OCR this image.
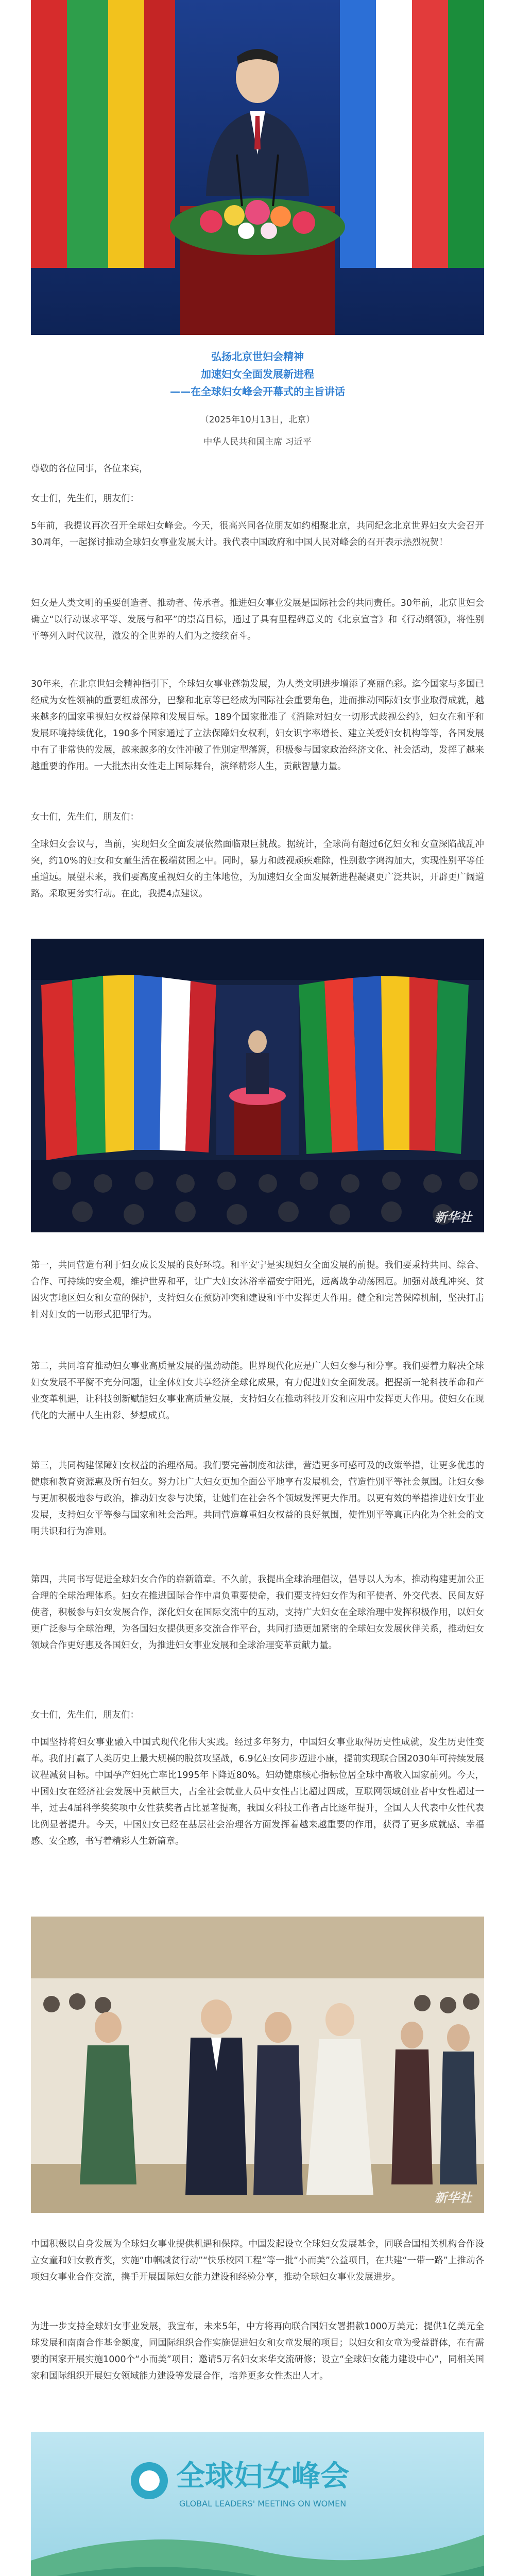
弘扬北京世妇会精神
加速妇女全面发展新进程
——在全球妇女峰会开幕式的主旨讲话
（2025年10月13日，北京）
中华人民共和国主席 习近平

尊敬的各位同事，各位来宾，

女士们，先生们，朋友们：

5年前，我提议再次召开全球妇女峰会。今天，很高兴同各位朋友如约相聚北京，共同纪念北京世界妇女大会召开30周年，一起探讨推动全球妇女事业发展大计。我代表中国政府和中国人民对峰会的召开表示热烈祝贺！

妇女是人类文明的重要创造者、推动者、传承者。推进妇女事业发展是国际社会的共同责任。30年前，北京世妇会确立“以行动谋求平等、发展与和平”的崇高目标，通过了具有里程碑意义的《北京宣言》和《行动纲领》，将性别平等列入时代议程，激发的全世界的人们为之接续奋斗。

30年来，在北京世妇会精神指引下，全球妇女事业蓬勃发展，为人类文明进步增添了亮丽色彩。迄今国家与多国已经成为女性领袖的重要组成部分，巴黎和北京等已经成为国际社会重要角色，进而推动国际妇女事业取得成就，越来越多的国家重视妇女权益保障和发展目标。189个国家批准了《消除对妇女一切形式歧视公约》，妇女在和平和发展环境持续优化，190多个国家通过了立法保障妇女权利，妇女识字率增长、建立关爱妇女机构等等，各国发展中有了非常快的发展，越来越多的女性冲破了性别定型藩篱，积极参与国家政治经济文化、社会活动，发挥了越来越重要的作用。一大批杰出女性走上国际舞台，演绎精彩人生，贡献智慧力量。

女士们，先生们，朋友们：

全球妇女会议与，当前，实现妇女全面发展依然面临艰巨挑战。据统计，全球尚有超过6亿妇女和女童深陷战乱冲突，约10%的妇女和女童生活在极端贫困之中。同时，暴力和歧视顽疾难除，性别数字鸿沟加大，实现性别平等任重道远。展望未来，我们要高度重视妇女的主体地位，为加速妇女全面发展新进程凝聚更广泛共识，开辟更广阔道路。采取更务实行动。在此，我提4点建议。

新华社

第一，共同营造有利于妇女成长发展的良好环境。和平安宁是实现妇女全面发展的前提。我们要秉持共同、综合、合作、可持续的安全观，维护世界和平，让广大妇女沐浴幸福安宁阳光，远离战争动荡困厄。加强对战乱冲突、贫困灾害地区妇女和女童的保护，支持妇女在预防冲突和建设和平中发挥更大作用。健全和完善保障机制，坚决打击针对妇女的一切形式犯罪行为。

第二，共同培育推动妇女事业高质量发展的强劲动能。世界现代化应是广大妇女参与和分享。我们要着力解决全球妇女发展不平衡不充分问题，让全体妇女共享经济全球化成果，有力促进妇女全面发展。把握新一轮科技革命和产业变革机遇，让科技创新赋能妇女事业高质量发展，支持妇女在推动科技开发和应用中发挥更大作用。使妇女在现代化的大潮中人生出彩、梦想成真。

第三，共同构建保障妇女权益的治理格局。我们要完善制度和法律，营造更多可感可及的政策举措，让更多优惠的健康和教育资源惠及所有妇女。努力让广大妇女更加全面公平地享有发展机会，营造性别平等社会氛围。让妇女参与更加积极地参与政治，推动妇女参与决策，让她们在社会各个领域发挥更大作用。以更有效的举措推进妇女事业发展，支持妇女平等参与国家和社会治理。共同营造尊重妇女权益的良好氛围，使性别平等真正内化为全社会的文明共识和行为准则。

第四，共同书写促进全球妇女合作的崭新篇章。不久前，我提出全球治理倡议，倡导以人为本，推动构建更加公正合理的全球治理体系。妇女在推进国际合作中肩负重要使命，我们要支持妇女作为和平使者、外交代表、民间友好使者，积极参与妇女发展合作，深化妇女在国际交流中的互动，支持广大妇女在全球治理中发挥积极作用，以妇女更广泛参与全球治理，为各国妇女提供更多交流合作平台，共同打造更加紧密的全球妇女发展伙伴关系，推动妇女领域合作更好惠及各国妇女，为推进妇女事业发展和全球治理变革贡献力量。

女士们，先生们，朋友们：

中国坚持将妇女事业融入中国式现代化伟大实践。经过多年努力，中国妇女事业取得历史性成就，发生历史性变革。我们打赢了人类历史上最大规模的脱贫攻坚战，6.9亿妇女同步迈进小康，提前实现联合国2030年可持续发展议程减贫目标。中国孕产妇死亡率比1995年下降近80%。妇幼健康核心指标位居全球中高收入国家前列。今天，中国妇女在经济社会发展中贡献巨大，占全社会就业人员中女性占比超过四成，互联网领域创业者中女性超过一半，过去4届科学奖奖项中女性获奖者占比显著提高，我国女科技工作者占比逐年提升，全国人大代表中女性代表比例显著提升。今天，中国妇女已经在基层社会治理各方面发挥着越来越重要的作用，获得了更多成就感、幸福感、安全感，书写着精彩人生新篇章。

新华社

中国积极以自身发展为全球妇女事业提供机遇和保障。中国发起设立全球妇女发展基金，同联合国相关机构合作设立女童和妇女教育奖，实施“巾帼减贫行动”“快乐校园工程”等一批“小而美”公益项目，在共建“一带一路”上推动各项妇女事业合作交流，携手开展国际妇女能力建设和经验分享，推动全球妇女事业发展进步。

为进一步支持全球妇女事业发展，我宣布，未来5年，中方将再向联合国妇女署捐款1000万美元；提供1亿美元全球发展和南南合作基金额度，同国际组织合作实施促进妇女和女童发展的项目；以妇女和女童为受益群体，在有需要的国家开展实施1000个“小而美”项目；邀请5万名妇女来华交流研修；设立“全球妇女能力建设中心”，同相关国家和国际组织开展妇女领域能力建设等发展合作，培养更多女性杰出人才。

全球妇女峰会
GLOBAL LEADERS' MEETING ON WOMEN
